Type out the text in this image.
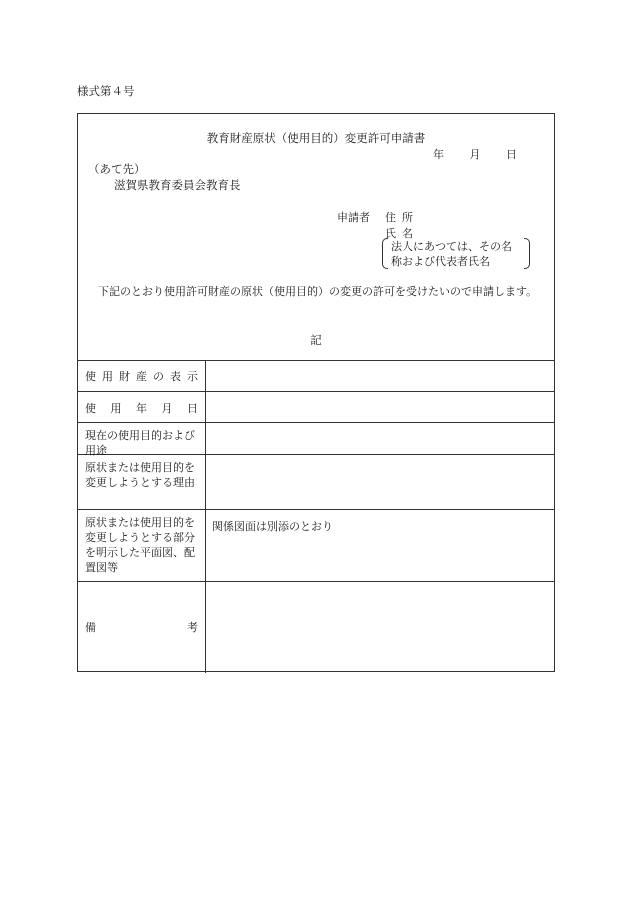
様式第４号
教育財産原状（使用目的）変更許可申請書
年 月 日
（あて先）
滋賀県教育委員会教育長
申請者 住所
氏名
法人にあつては、その名
称および代表者氏名
下記のとおり使用許可財産の原状（使用目的）の変更の許可を受けたいので申請します。
記
使 用 財 産 の 表 示
使 用 年 月 日
現在の使用目的および用途
原状または使用目的を変更しようとする理由
原状または使用目的を変更しようとする部分を明示した平面図、配置図等
関係図面は別添のとおり
備	考
